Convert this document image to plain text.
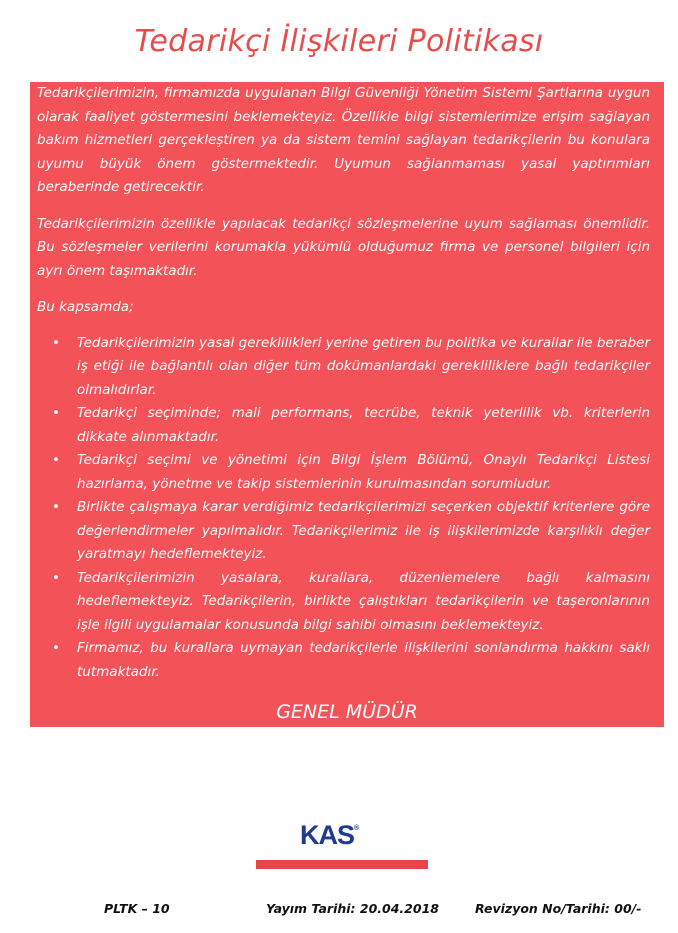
Tedarikçi İlişkileri Politikası

Tedarikçilerimizin, firmamızda uygulanan Bilgi Güvenliği Yönetim Sistemi Şartlarına uygun olarak faaliyet göstermesini beklemekteyiz. Özellikle bilgi sistemlerimize erişim sağlayan bakım hizmetleri gerçekleştiren ya da sistem temini sağlayan tedarikçilerin bu konulara uyumu büyük önem göstermektedir. Uyumun sağlanmaması yasal yaptırımları beraberinde getirecektir.

Tedarikçilerimizin özellikle yapılacak tedarikçi sözleşmelerine uyum sağlaması önemlidir. Bu sözleşmeler verilerini korumakla yükümlü olduğumuz firma ve personel bilgileri için ayrı önem taşımaktadır.

Bu kapsamda;

• Tedarikçilerimizin yasal gereklilikleri yerine getiren bu politika ve kurallar ile beraber iş etiği ile bağlantılı olan diğer tüm dokümanlardaki gerekliliklere bağlı tedarikçiler olmalıdırlar.
• Tedarikçi seçiminde; mali performans, tecrübe, teknik yeterlilik vb. kriterlerin dikkate alınmaktadır.
• Tedarikçi seçimi ve yönetimi için Bilgi İşlem Bölümü, Onaylı Tedarikçi Listesi hazırlama, yönetme ve takip sistemlerinin kurulmasından sorumludur.
• Birlikte çalışmaya karar verdiğimiz tedarikçilerimizi seçerken objektif kriterlere göre değerlendirmeler yapılmalıdır. Tedarikçilerimiz ile iş ilişkilerimizde karşılıklı değer yaratmayı hedeflemekteyiz.
• Tedarikçilerimizin yasalara, kurallara, düzenlemelere bağlı kalmasını hedeflemekteyiz. Tedarikçilerin, birlikte çalıştıkları tedarikçilerin ve taşeronlarının işle ilgili uygulamalar konusunda bilgi sahibi olmasını beklemekteyiz.
• Firmamız, bu kurallara uymayan tedarikçilerle ilişkilerini sonlandırma hakkını saklı tutmaktadır.

GENEL MÜDÜR

KAS®
PLTK – 10	Yayım Tarihi: 20.04.2018	Revizyon No/Tarihi: 00/-
